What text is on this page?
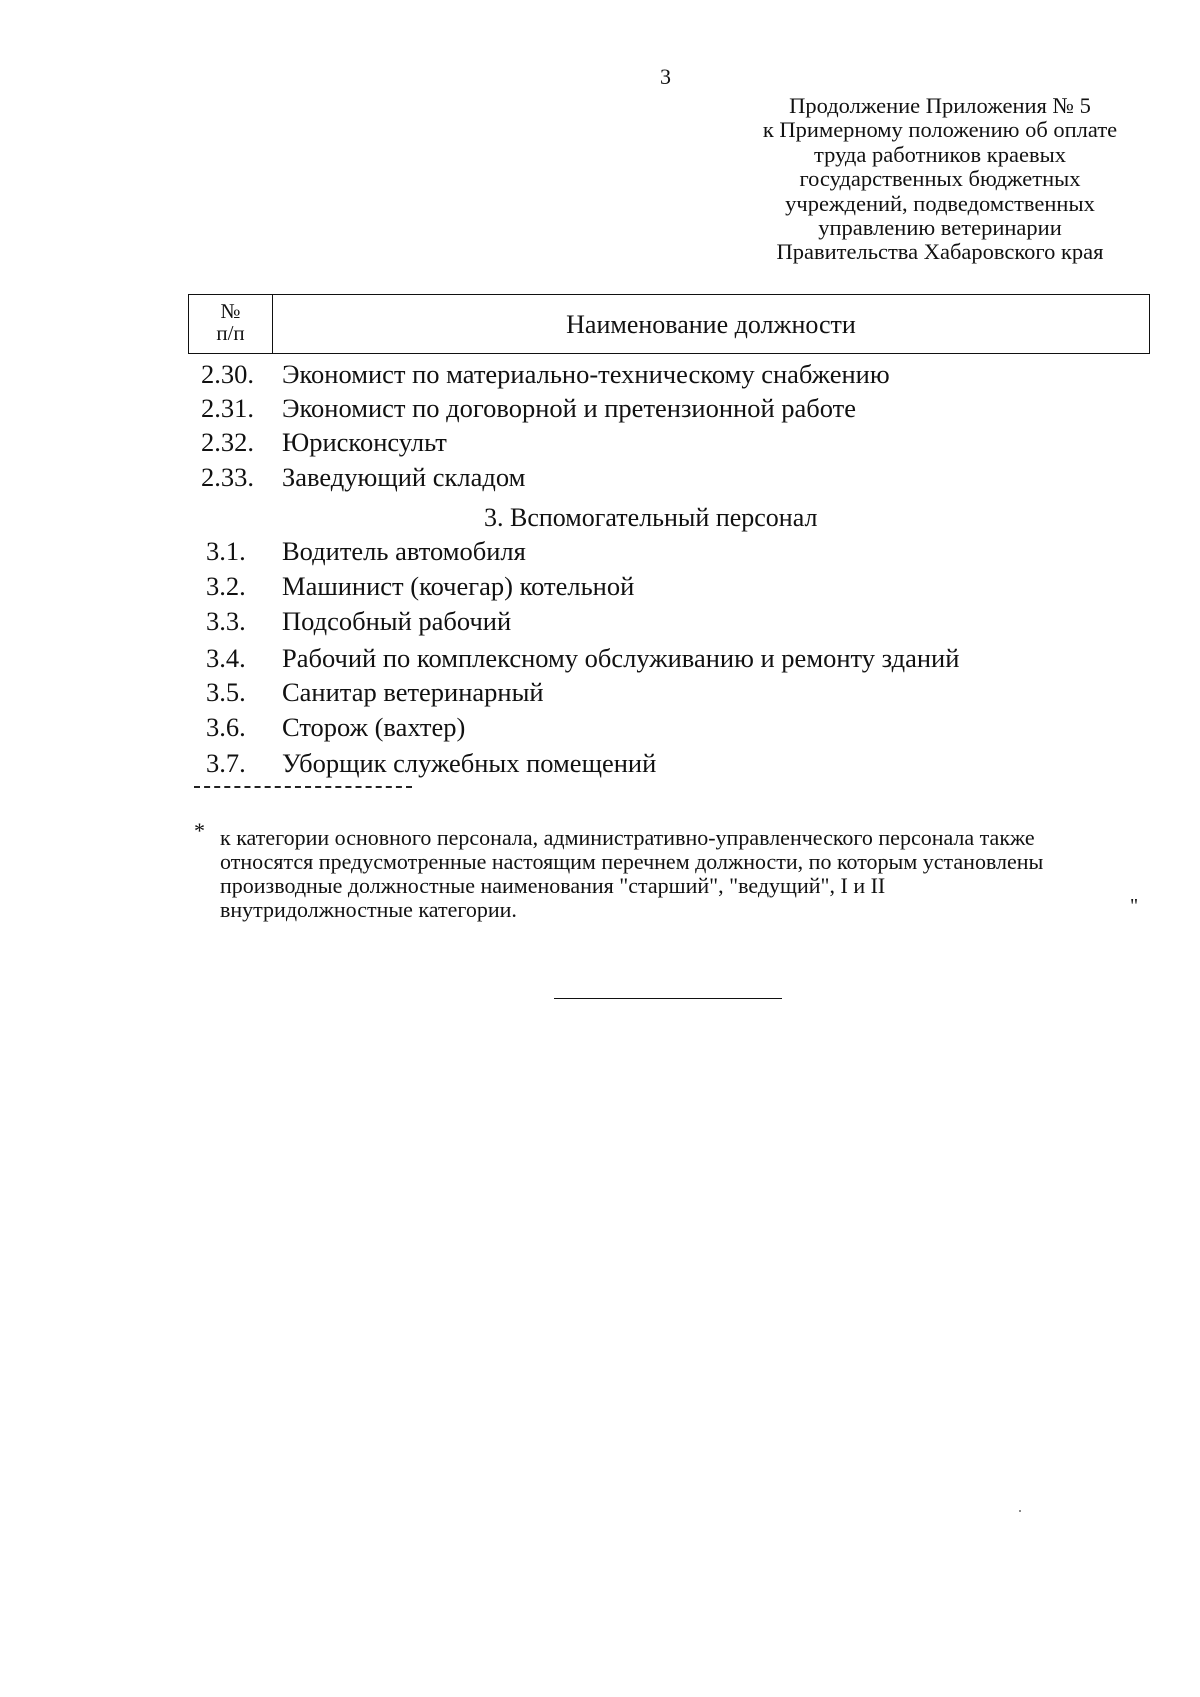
3
Продолжение Приложения № 5
к Примерному положению об оплате
труда работников краевых
государственных бюджетных
учреждений, подведомственных
управлению ветеринарии
Правительства Хабаровского края
№
п/п	Наименование должности
2.30. Экономист по материально-техническому снабжению
2.31. Экономист по договорной и претензионной работе
2.32. Юрисконсульт
2.33. Заведующий складом
3. Вспомогательный персонал
3.1. Водитель автомобиля
3.2. Машинист (кочегар) котельной
3.3. Подсобный рабочий
3.4. Рабочий по комплексному обслуживанию и ремонту зданий
3.5. Санитар ветеринарный
3.6. Сторож (вахтер)
3.7. Уборщик служебных помещений
* к категории основного персонала, административно-управленческого персонала также
относятся предусмотренные настоящим перечнем должности, по которым установлены
производные должностные наименования "старший", "ведущий", I и II
внутридолжностные категории.	"
